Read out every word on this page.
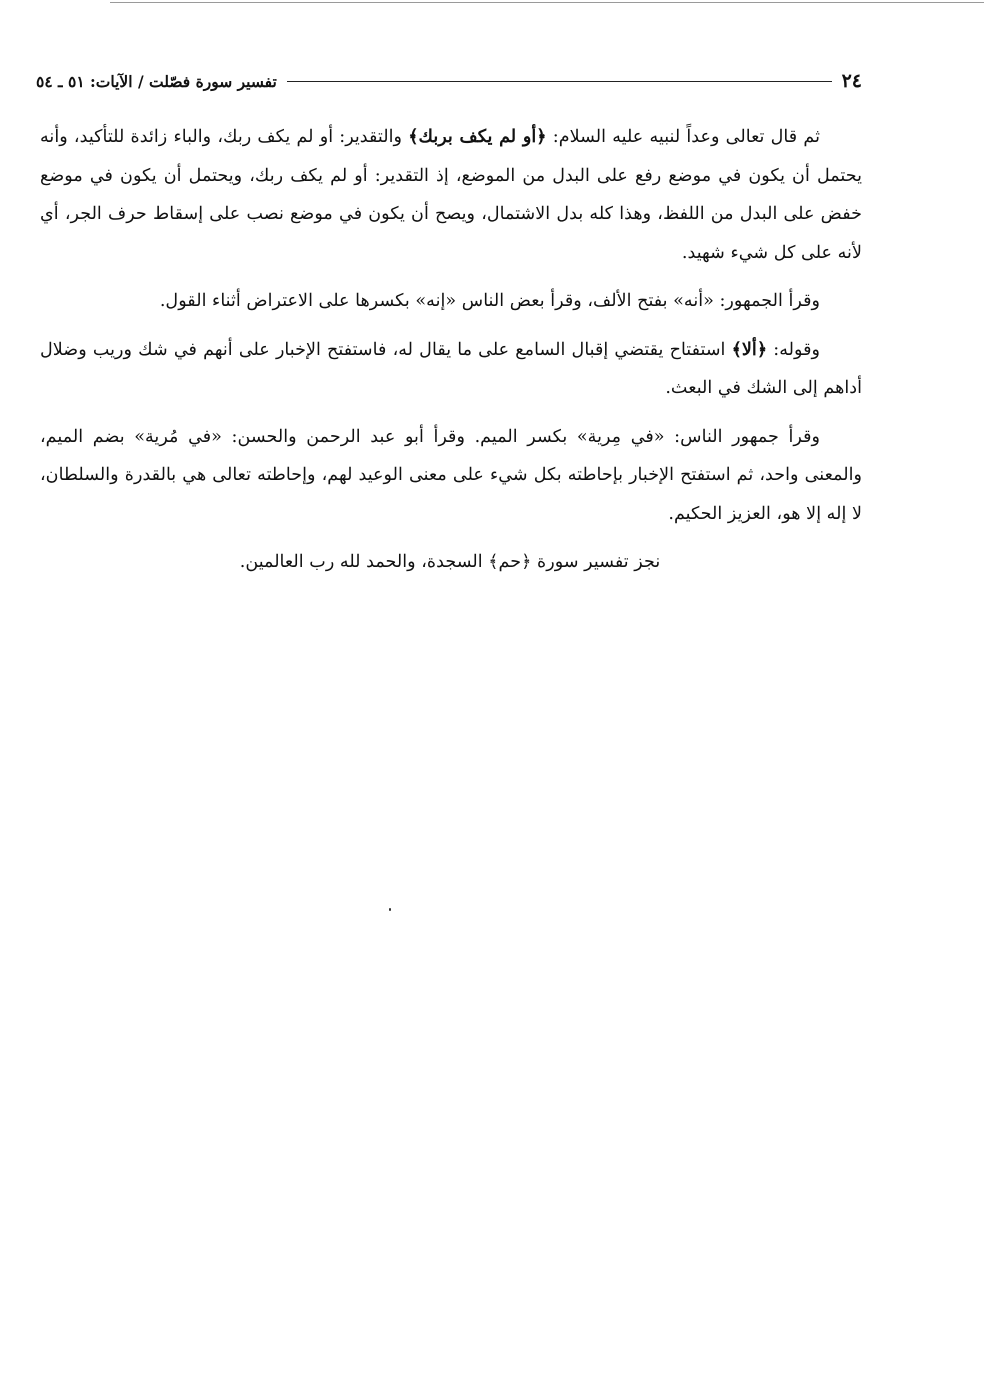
٢٤
تفسير سورة فصّلت / الآيات: ٥١ ـ ٥٤

ثم قال تعالى وعداً لنبيه عليه السلام: ﴿أو لم يكف بربك﴾ والتقدير: أو لم يكف ربك، والباء زائدة للتأكيد، وأنه يحتمل أن يكون في موضع رفع على البدل من الموضع، إذ التقدير: أو لم يكف ربك، ويحتمل أن يكون في موضع خفض على البدل من اللفظ، وهذا كله بدل الاشتمال، ويصح أن يكون في موضع نصب على إسقاط حرف الجر، أي لأنه على كل شيء شهيد.

وقرأ الجمهور: «أنه» بفتح الألف، وقرأ بعض الناس «إنه» بكسرها على الاعتراض أثناء القول.

وقوله: ﴿ألا﴾ استفتاح يقتضي إقبال السامع على ما يقال له، فاستفتح الإخبار على أنهم في شك وريب وضلال أداهم إلى الشك في البعث.

وقرأ جمهور الناس: «في مِرية» بكسر الميم. وقرأ أبو عبد الرحمن والحسن: «في مُرية» بضم الميم، والمعنى واحد، ثم استفتح الإخبار بإحاطته بكل شيء على معنى الوعيد لهم، وإحاطته تعالى هي بالقدرة والسلطان، لا إله إلا هو، العزيز الحكيم.

نجز تفسير سورة ﴿حم﴾ السجدة، والحمد لله رب العالمين.
